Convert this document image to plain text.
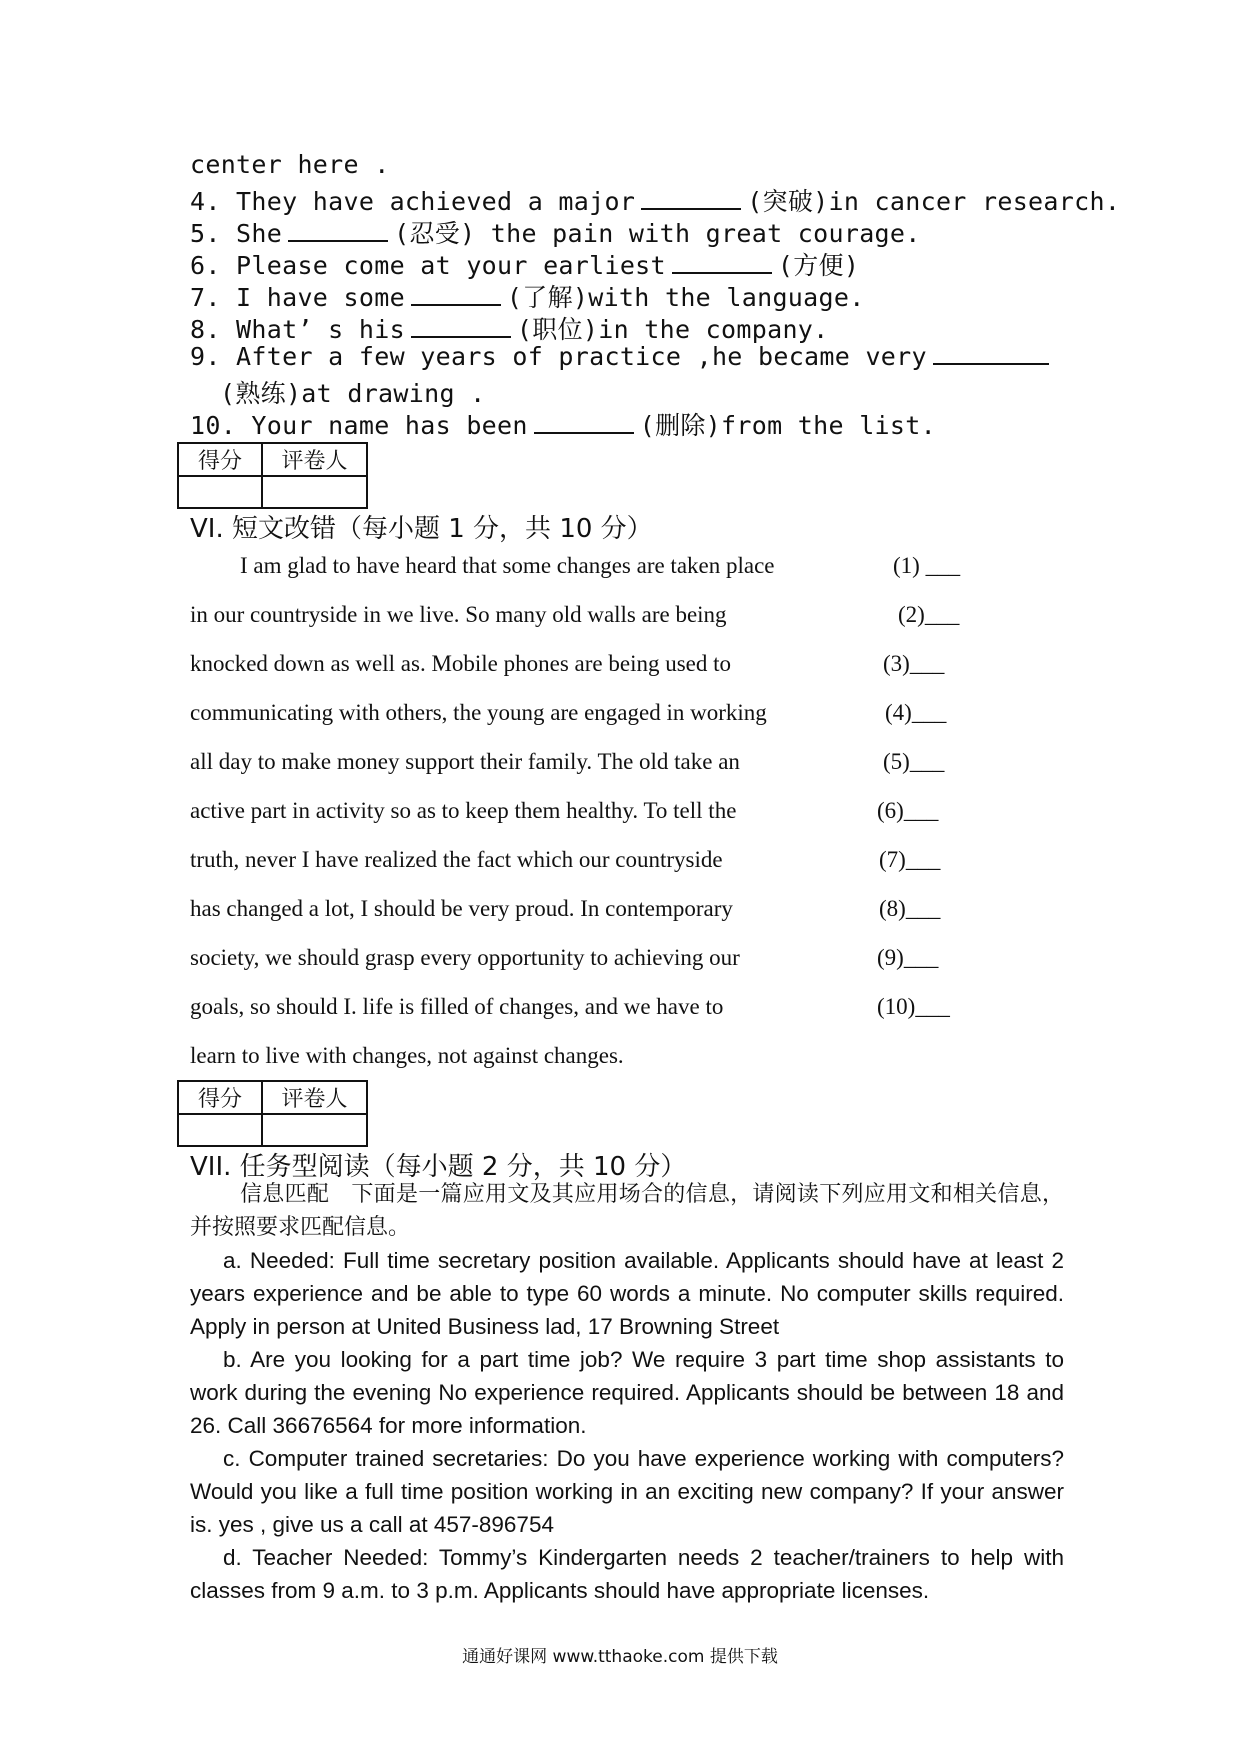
center here .
4. They have achieved a major	(突破)in cancer research.
5. She	(忍受) the pain with great courage.
6. Please come at your earliest	(方便)
7. I have some	(了解)with the language.
8. What’ s his	(职位)in the company.
9. After a few years of practice ,he became very
(熟练)at drawing .
10. Your name has been	(删除)from the list.
得分	评卷人

VI. 短文改错（每小题 1 分，共 10 分）
I am glad to have heard that some changes are taken place	(1) ___
in our countryside in we live. So many old walls are being	(2)___
knocked down as well as. Mobile phones are being used to	(3)___
communicating with others, the young are engaged in working	(4)___
all day to make money support their family. The old take an	(5)___
active part in activity so as to keep them healthy. To tell the	(6)___
truth, never I have realized the fact which our countryside	(7)___
has changed a lot, I should be very proud. In contemporary	(8)___
society, we should grasp every opportunity to achieving our	(9)___
goals, so should I. life is filled of changes, and we have to	(10)___
learn to live with changes, not against changes.
得分	评卷人

VII. 任务型阅读（每小题 2 分，共 10 分）
信息匹配　下面是一篇应用文及其应用场合的信息，请阅读下列应用文和相关信息，并按照要求匹配信息。
a. Needed: Full time secretary position available. Applicants should have at least 2 years experience and be able to type 60 words a minute. No computer skills required. Apply in person at United Business lad, 17 Browning Street
b. Are you looking for a part time job? We require 3 part time shop assistants to work during the evening No experience required. Applicants should be between 18 and 26. Call 36676564 for more information.
c. Computer trained secretaries: Do you have experience working with computers? Would you like a full time position working in an exciting new company? If your answer is. yes , give us a call at 457-896754
d. Teacher Needed: Tommy’s Kindergarten needs 2 teacher/trainers to help with classes from 9 a.m. to 3 p.m. Applicants should have appropriate licenses.
通通好课网 www.tthaoke.com 提供下载
